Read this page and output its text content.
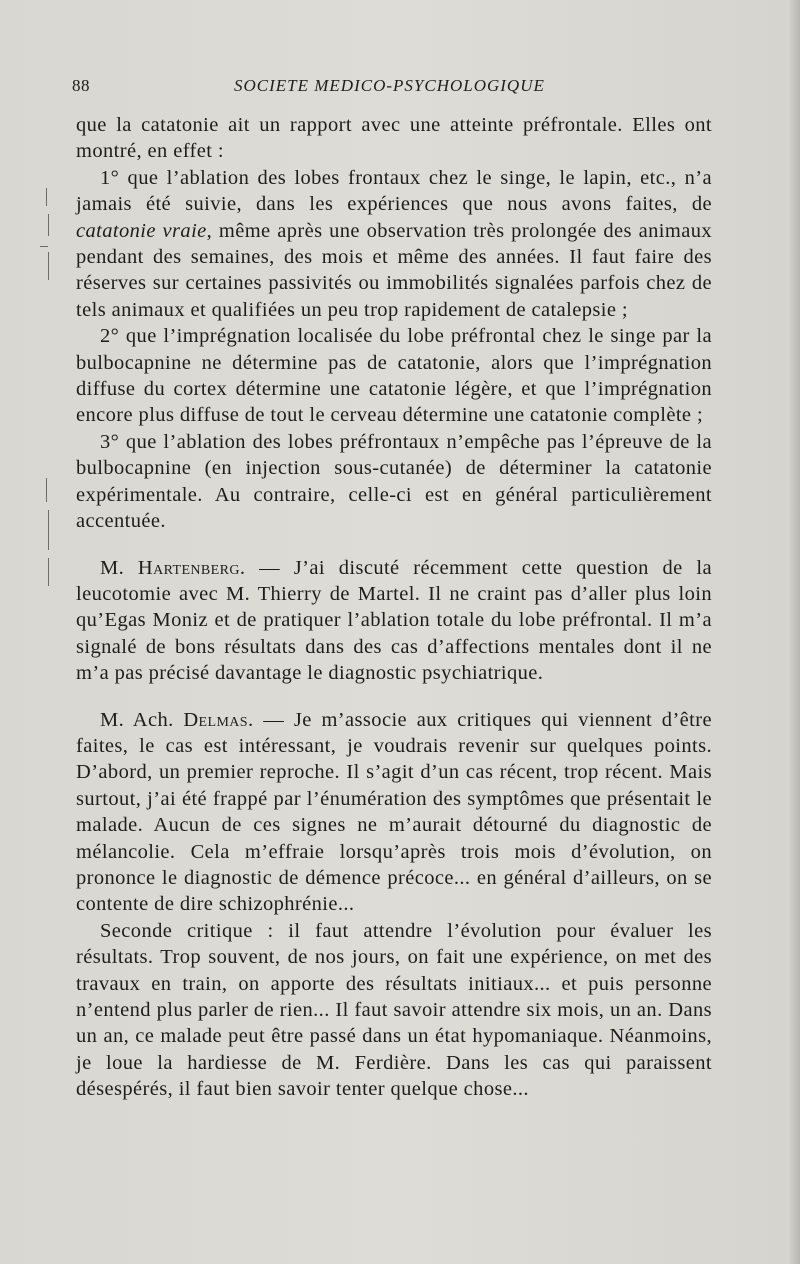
88	SOCIETE MEDICO-PSYCHOLOGIQUE

que la catatonie ait un rapport avec une atteinte préfrontale. Elles ont montré, en effet :

1° que l’ablation des lobes frontaux chez le singe, le lapin, etc., n’a jamais été suivie, dans les expériences que nous avons faites, de catatonie vraie, même après une observation très prolongée des animaux pendant des semaines, des mois et même des années. Il faut faire des réserves sur certaines passivités ou immobilités signalées parfois chez de tels animaux et qualifiées un peu trop rapidement de catalepsie ;

2° que l’imprégnation localisée du lobe préfrontal chez le singe par la bulbocapnine ne détermine pas de catatonie, alors que l’imprégnation diffuse du cortex détermine une catatonie légère, et que l’imprégnation encore plus diffuse de tout le cerveau détermine une catatonie complète ;

3° que l’ablation des lobes préfrontaux n’empêche pas l’épreuve de la bulbocapnine (en injection sous-cutanée) de déterminer la catatonie expérimentale. Au contraire, celle-ci est en général particulièrement accentuée.

M. Hartenberg. — J’ai discuté récemment cette question de la leucotomie avec M. Thierry de Martel. Il ne craint pas d’aller plus loin qu’Egas Moniz et de pratiquer l’ablation totale du lobe préfrontal. Il m’a signalé de bons résultats dans des cas d’affections mentales dont il ne m’a pas précisé davantage le diagnostic psychiatrique.

M. Ach. Delmas. — Je m’associe aux critiques qui viennent d’être faites, le cas est intéressant, je voudrais revenir sur quelques points. D’abord, un premier reproche. Il s’agit d’un cas récent, trop récent. Mais surtout, j’ai été frappé par l’énumération des symptômes que présentait le malade. Aucun de ces signes ne m’aurait détourné du diagnostic de mélancolie. Cela m’effraie lorsqu’après trois mois d’évolution, on prononce le diagnostic de démence précoce... en général d’ailleurs, on se contente de dire schizophrénie...

Seconde critique : il faut attendre l’évolution pour évaluer les résultats. Trop souvent, de nos jours, on fait une expérience, on met des travaux en train, on apporte des résultats initiaux... et puis personne n’entend plus parler de rien... Il faut savoir attendre six mois, un an. Dans un an, ce malade peut être passé dans un état hypomaniaque. Néanmoins, je loue la hardiesse de M. Ferdière. Dans les cas qui paraissent désespérés, il faut bien savoir tenter quelque chose...
